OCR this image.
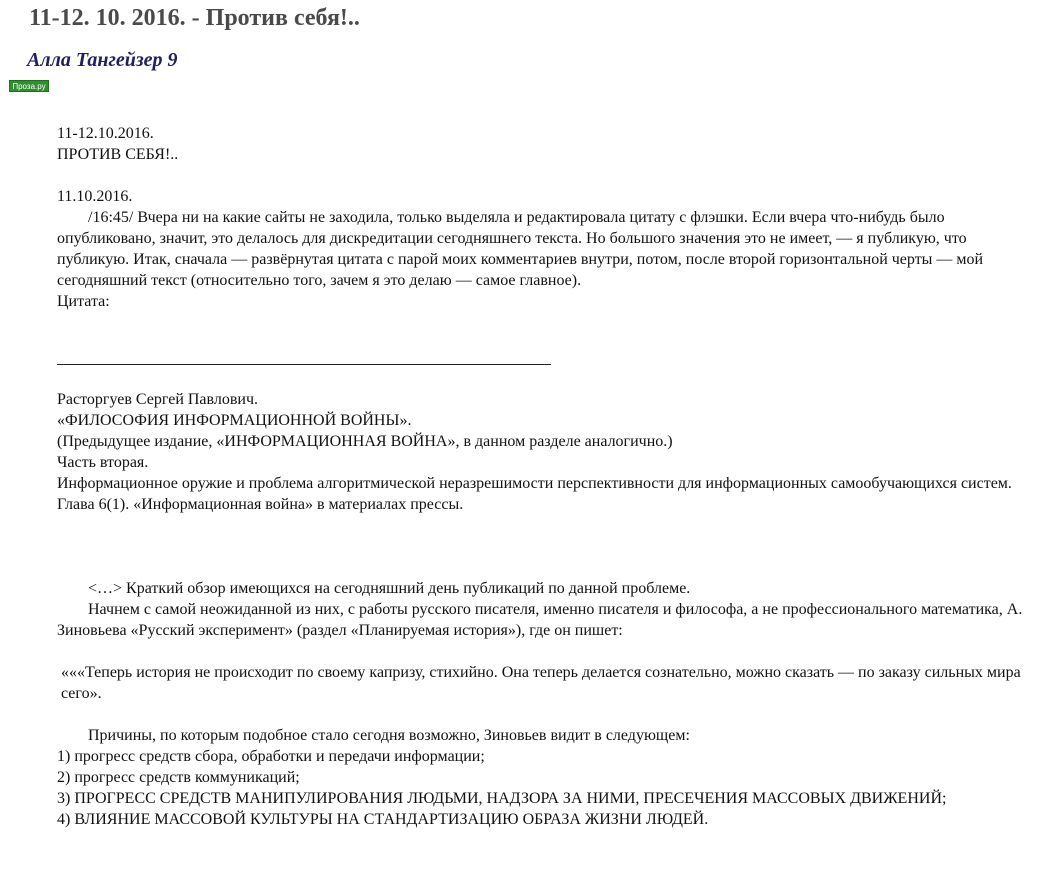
11-12. 10. 2016. - Против себя!..
Алла Тангейзер 9
Проза.ру

11-12.10.2016.

ПРОТИВ СЕБЯ!..

11.10.2016.

/16:45/ Вчера ни на какие сайты не заходила, только выделяла и редактировала цитату с флэшки. Если вчера что-нибудь было опубликовано, значит, это делалось для дискредитации сегодняшнего текста. Но большого значения это не имеет, — я публикую, что публикую. Итак, сначала — развёрнутая цитата с парой моих комментариев внутри, потом, после второй горизонтальной черты — мой сегодняшний текст (относительно того, зачем я это делаю — самое главное).

Цитата:

Расторгуев Сергей Павлович.

«ФИЛОСОФИЯ ИНФОРМАЦИОННОЙ ВОЙНЫ».

(Предыдущее издание, «ИНФОРМАЦИОННАЯ ВОЙНА», в данном разделе аналогично.)

Часть вторая.

Информационное оружие и проблема алгоритмической неразрешимости перспективности для информационных самообучающихся систем.

Глава 6(1). «Информационная война» в материалах прессы.

<…> Краткий обзор имеющихся на сегодняшний день публикаций по данной проблеме.

Начнем с самой неожиданной из них, с работы русского писателя, именно писателя и философа, а не профессионального математика, А. Зиновьева «Русский эксперимент» (раздел «Планируемая история»), где он пишет:

«««Теперь история не происходит по своему капризу, стихийно. Она теперь делается сознательно, можно сказать — по заказу сильных мира сего».

Причины, по которым подобное стало сегодня возможно, Зиновьев видит в следующем:

1) прогресс средств сбора, обработки и передачи информации;

2) прогресс средств коммуникаций;

3) ПРОГРЕСС СРЕДСТВ МАНИПУЛИРОВАНИЯ ЛЮДЬМИ, НАДЗОРА ЗА НИМИ, ПРЕСЕЧЕНИЯ МАССОВЫХ ДВИЖЕНИЙ;

4) ВЛИЯНИЕ МАССОВОЙ КУЛЬТУРЫ НА СТАНДАРТИЗАЦИЮ ОБРАЗА ЖИЗНИ ЛЮДЕЙ.
